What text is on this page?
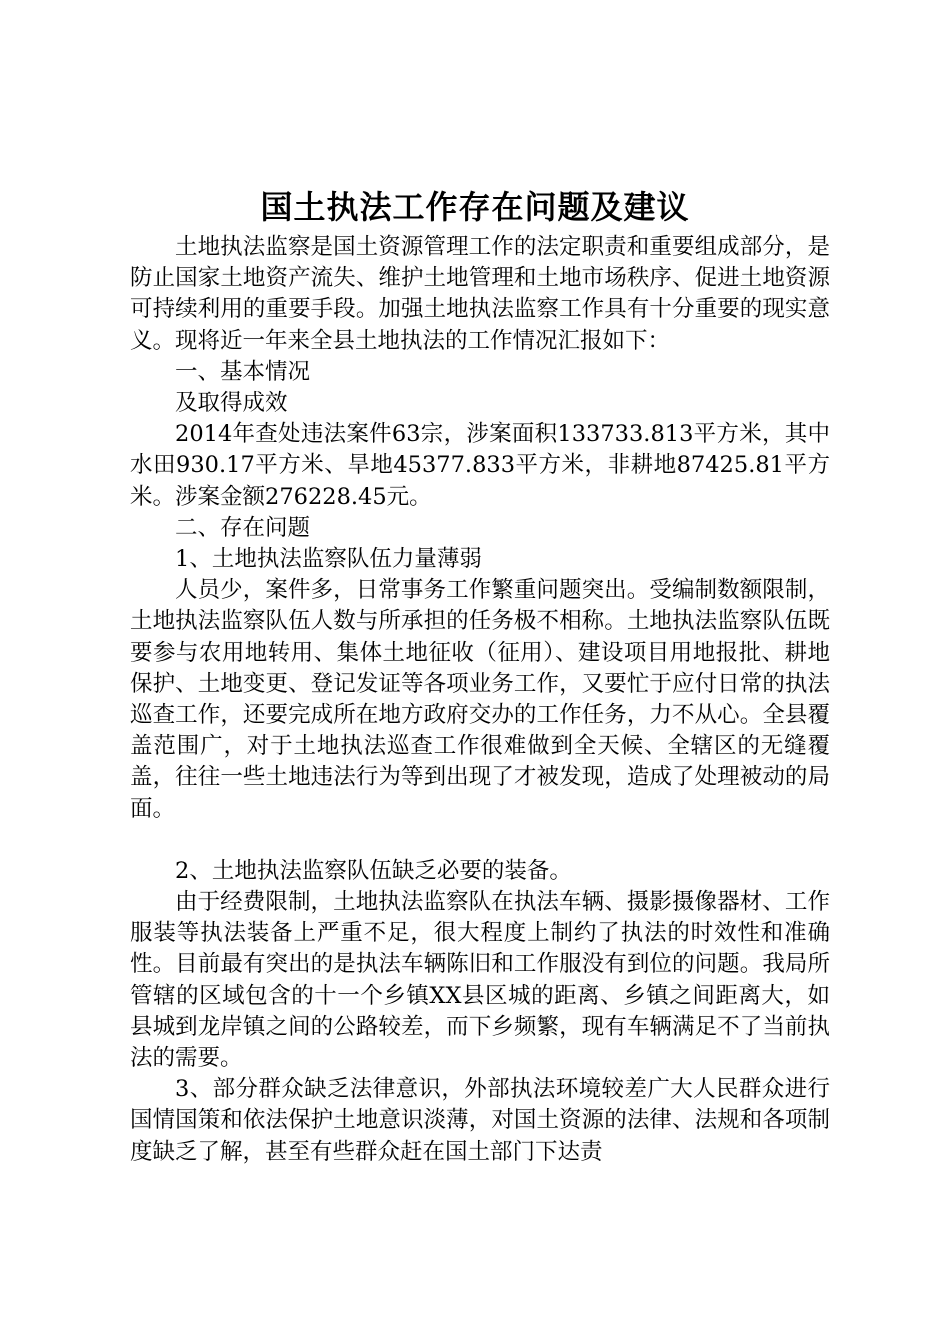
国土执法工作存在问题及建议

土地执法监察是国土资源管理工作的法定职责和重要组成部分，是防止国家土地资产流失、维护土地管理和土地市场秩序、促进土地资源可持续利用的重要手段。加强土地执法监察工作具有十分重要的现实意义。现将近一年来全县土地执法的工作情况汇报如下：

一、基本情况

及取得成效

2014年查处违法案件63宗，涉案面积133733.813平方米，其中水田930.17平方米、旱地45377.833平方米，非耕地87425.81平方米。涉案金额276228.45元。

二、存在问题

1、土地执法监察队伍力量薄弱

人员少，案件多，日常事务工作繁重问题突出。受编制数额限制，土地执法监察队伍人数与所承担的任务极不相称。土地执法监察队伍既要参与农用地转用、集体土地征收（征用）、建设项目用地报批、耕地保护、土地变更、登记发证等各项业务工作，又要忙于应付日常的执法巡查工作，还要完成所在地方政府交办的工作任务，力不从心。全县覆盖范围广，对于土地执法巡查工作很难做到全天候、全辖区的无缝覆盖，往往一些土地违法行为等到出现了才被发现，造成了处理被动的局面。

2、土地执法监察队伍缺乏必要的装备。

由于经费限制，土地执法监察队在执法车辆、摄影摄像器材、工作服装等执法装备上严重不足，很大程度上制约了执法的时效性和准确性。目前最有突出的是执法车辆陈旧和工作服没有到位的问题。我局所管辖的区域包含的十一个乡镇XX县区城的距离、乡镇之间距离大，如县城到龙岸镇之间的公路较差，而下乡频繁，现有车辆满足不了当前执法的需要。

3、部分群众缺乏法律意识，外部执法环境较差广大人民群众进行国情国策和依法保护土地意识淡薄，对国土资源的法律、法规和各项制度缺乏了解，甚至有些群众赶在国土部门下达责
